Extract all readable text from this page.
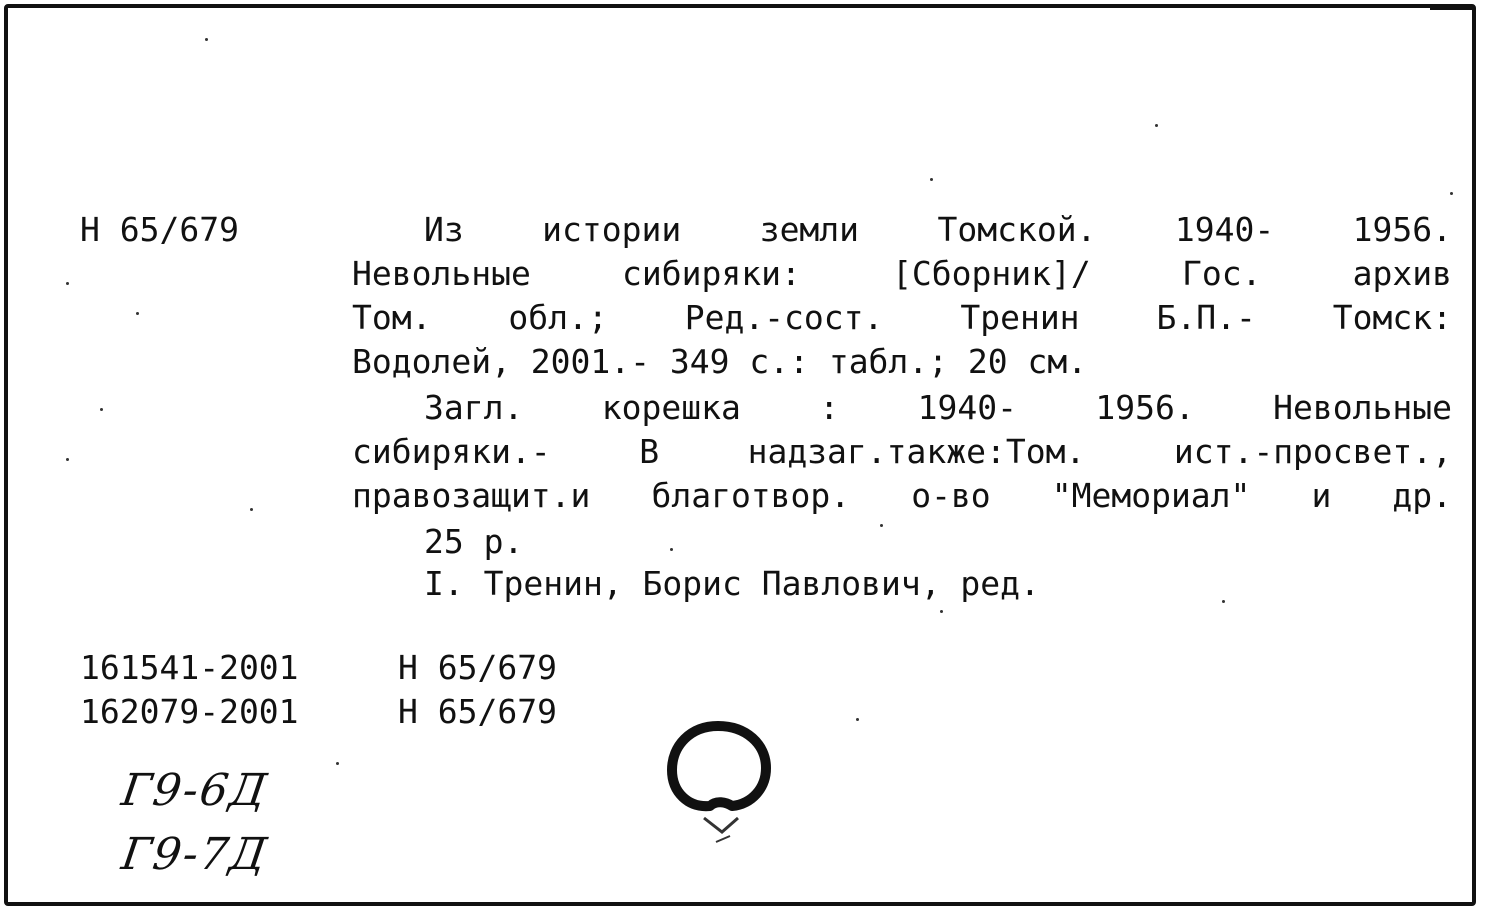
Н 65/679	Из истории земли Томской. 1940- 1956.
Невольные сибиряки: [Сборник]/ Гос. архив
Том. обл.; Ред.-сост. Тренин Б.П.- Томск:
Водолей, 2001.- 349 с.: табл.; 20 см.
Загл. корешка : 1940- 1956. Невольные
сибиряки.- В надзаг.также:Том. ист.-просвет.,
правозащит.и благотвор. о-во "Мемориал" и др.
25 р.
I. Тренин, Борис Павлович, ред.
161541-2001	Н 65/679
162079-2001	Н 65/679
Г9-6Д
Г9-7Д
